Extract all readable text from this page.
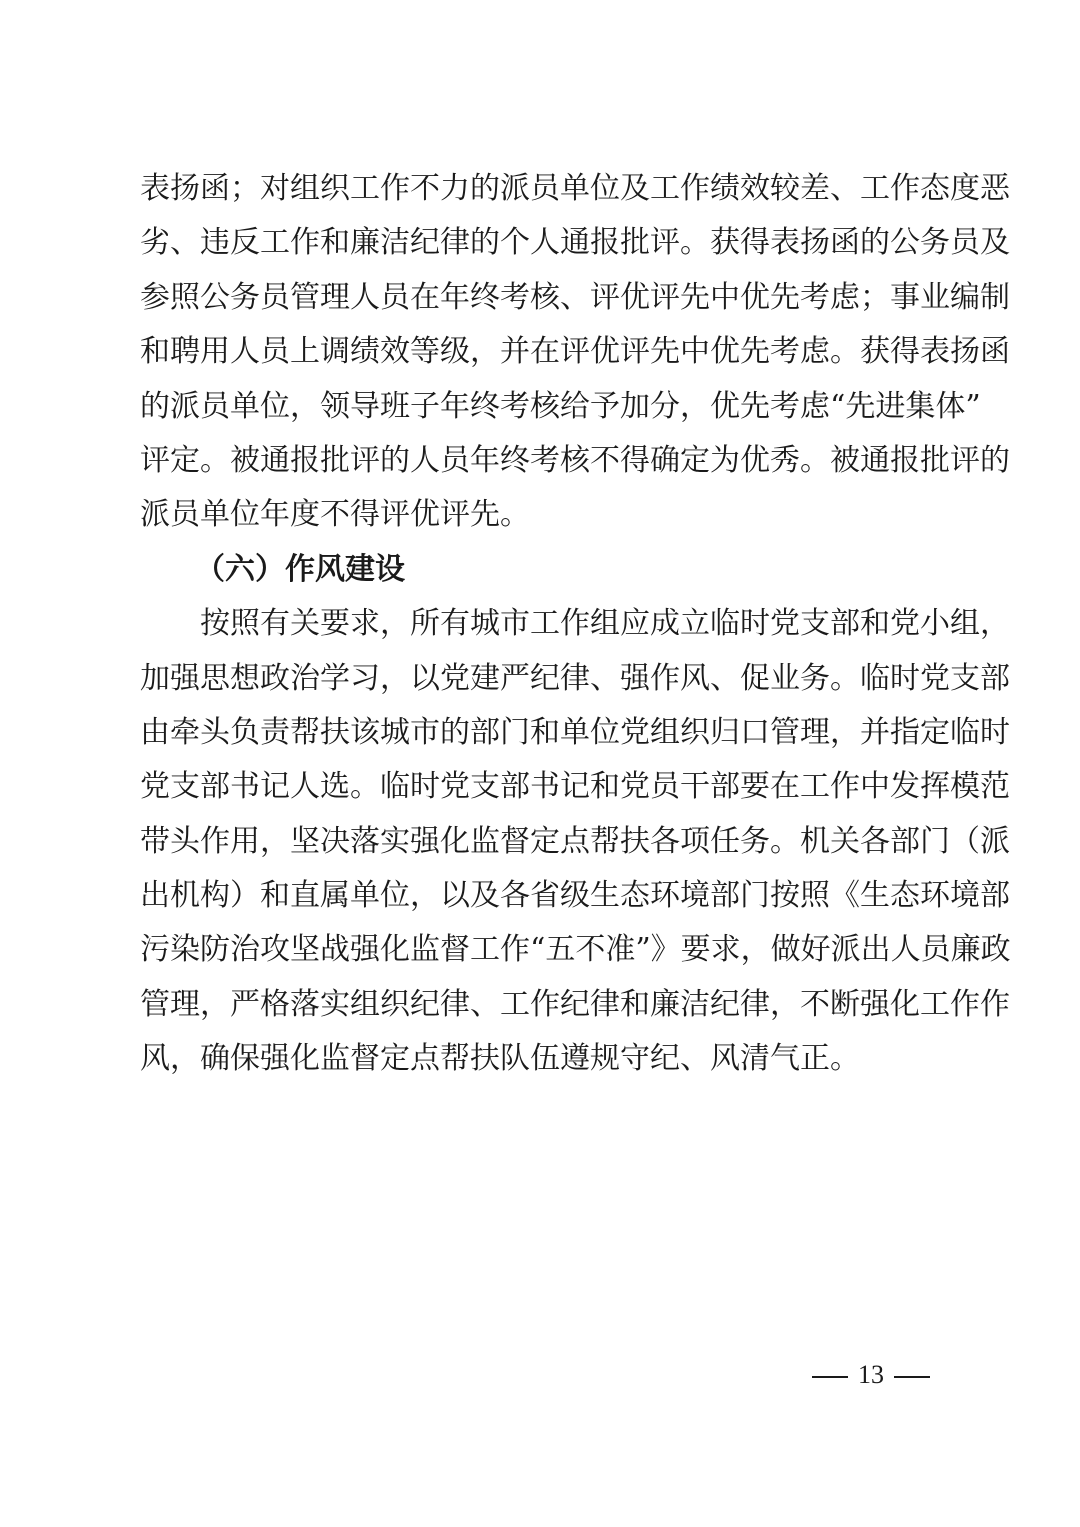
表扬函；对组织工作不力的派员单位及工作绩效较差、工作态度恶
劣、违反工作和廉洁纪律的个人通报批评。获得表扬函的公务员及
参照公务员管理人员在年终考核、评优评先中优先考虑；事业编制
和聘用人员上调绩效等级，并在评优评先中优先考虑。获得表扬函
的派员单位，领导班子年终考核给予加分，优先考虑“先进集体”
评定。被通报批评的人员年终考核不得确定为优秀。被通报批评的
派员单位年度不得评优评先。
（六）作风建设
按照有关要求，所有城市工作组应成立临时党支部和党小组，
加强思想政治学习，以党建严纪律、强作风、促业务。临时党支部
由牵头负责帮扶该城市的部门和单位党组织归口管理，并指定临时
党支部书记人选。临时党支部书记和党员干部要在工作中发挥模范
带头作用，坚决落实强化监督定点帮扶各项任务。机关各部门（派
出机构）和直属单位，以及各省级生态环境部门按照《生态环境部
污染防治攻坚战强化监督工作“五不准”》要求，做好派出人员廉政
管理，严格落实组织纪律、工作纪律和廉洁纪律，不断强化工作作
风，确保强化监督定点帮扶队伍遵规守纪、风清气正。
13
